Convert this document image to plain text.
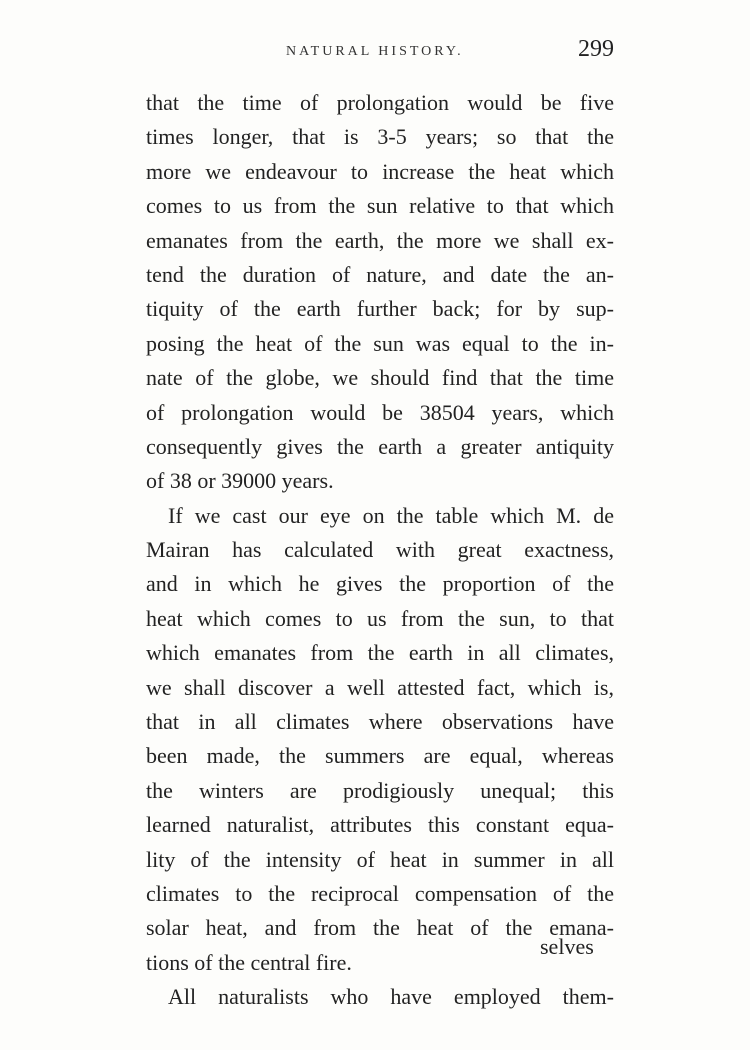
NATURAL HISTORY.	299
that the time of prolongation would be five
times longer, that is 3-5 years; so that the
more we endeavour to increase the heat which
comes to us from the sun relative to that which
emanates from the earth, the more we shall ex-
tend the duration of nature, and date the an-
tiquity of the earth further back; for by sup-
posing the heat of the sun was equal to the in-
nate of the globe, we should find that the time
of prolongation would be 38504 years, which
consequently gives the earth a greater antiquity
of 38 or 39000 years.
If we cast our eye on the table which M. de
Mairan has calculated with great exactness,
and in which he gives the proportion of the
heat which comes to us from the sun, to that
which emanates from the earth in all climates,
we shall discover a well attested fact, which is,
that in all climates where observations have
been made, the summers are equal, whereas
the winters are prodigiously unequal; this
learned naturalist, attributes this constant equa-
lity of the intensity of heat in summer in all
climates to the reciprocal compensation of the
solar heat, and from the heat of the emana-
tions of the central fire.
All naturalists who have employed them-
selves
